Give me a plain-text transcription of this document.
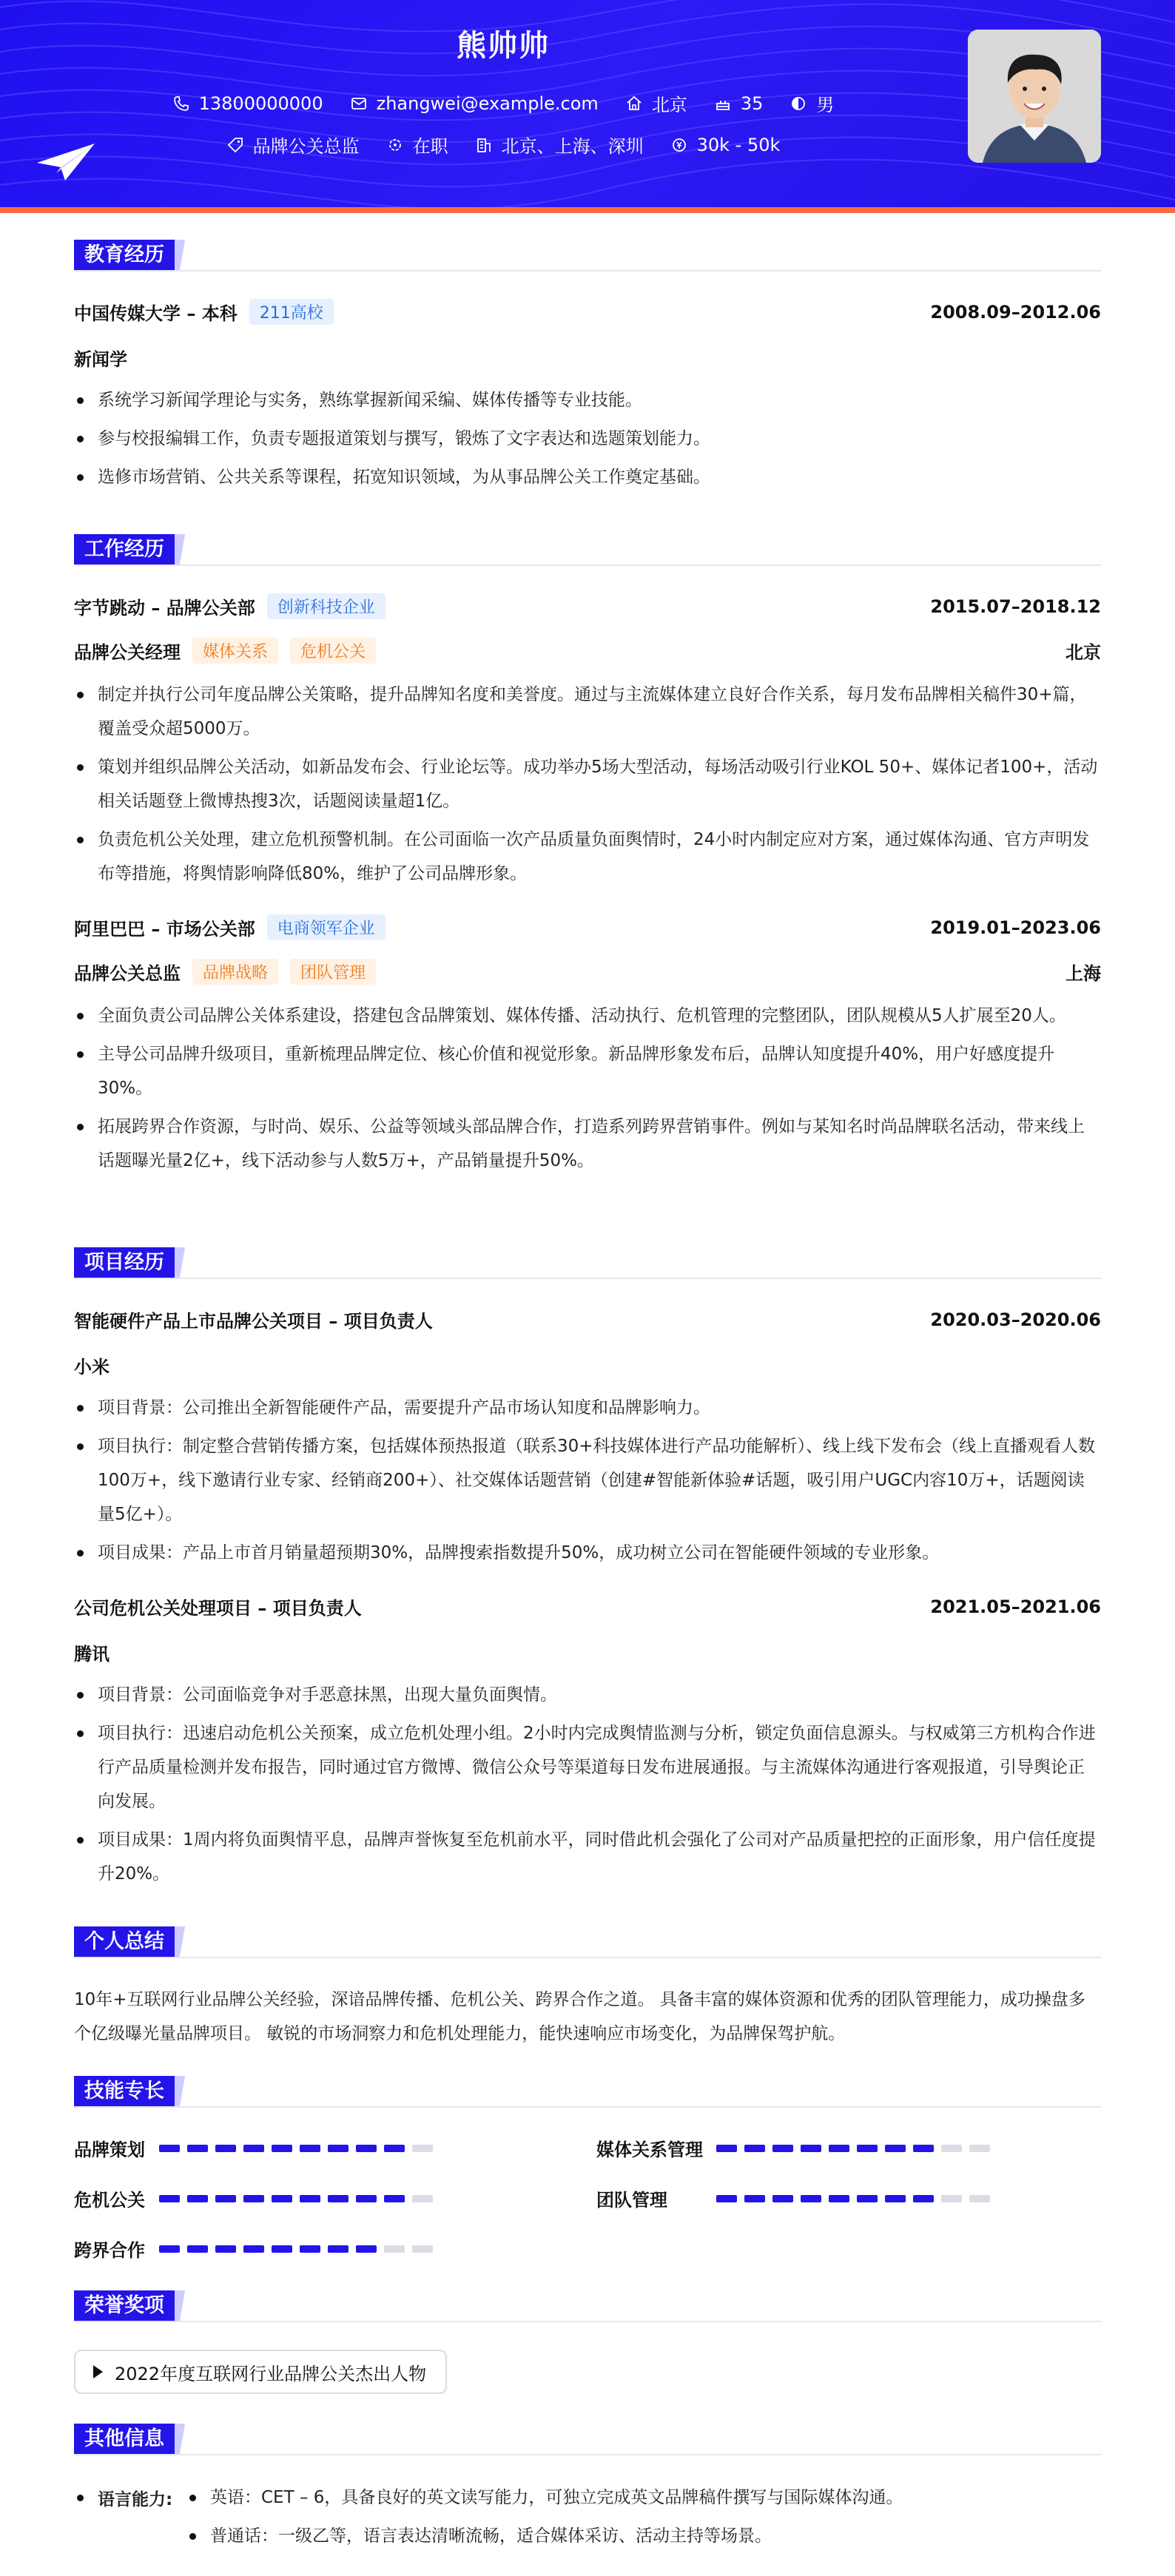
熊帅帅
13800000000	zhangwei@example.com	北京	35	男
品牌公关总监	在职	北京、上海、深圳	30k - 50k
教育经历
中国传媒大学 – 本科	211高校	2008.09–2012.06
新闻学
系统学习新闻学理论与实务，熟练掌握新闻采编、媒体传播等专业技能。
参与校报编辑工作，负责专题报道策划与撰写，锻炼了文字表达和选题策划能力。
选修市场营销、公共关系等课程，拓宽知识领域，为从事品牌公关工作奠定基础。
工作经历
字节跳动 – 品牌公关部	创新科技企业	2015.07–2018.12
品牌公关经理	媒体关系	危机公关	北京
制定并执行公司年度品牌公关策略，提升品牌知名度和美誉度。通过与主流媒体建立良好合作关系，每月发布品牌相关稿件30+篇，覆盖受众超5000万。
策划并组织品牌公关活动，如新品发布会、行业论坛等。成功举办5场大型活动，每场活动吸引行业KOL 50+、媒体记者100+，活动相关话题登上微博热搜3次，话题阅读量超1亿。
负责危机公关处理，建立危机预警机制。在公司面临一次产品质量负面舆情时，24小时内制定应对方案，通过媒体沟通、官方声明发布等措施，将舆情影响降低80%，维护了公司品牌形象。
阿里巴巴 – 市场公关部	电商领军企业	2019.01–2023.06
品牌公关总监	品牌战略	团队管理	上海
全面负责公司品牌公关体系建设，搭建包含品牌策划、媒体传播、活动执行、危机管理的完整团队，团队规模从5人扩展至20人。
主导公司品牌升级项目，重新梳理品牌定位、核心价值和视觉形象。新品牌形象发布后，品牌认知度提升40%，用户好感度提升30%。
拓展跨界合作资源，与时尚、娱乐、公益等领域头部品牌合作，打造系列跨界营销事件。例如与某知名时尚品牌联名活动，带来线上话题曝光量2亿+，线下活动参与人数5万+，产品销量提升50%。
项目经历
智能硬件产品上市品牌公关项目 – 项目负责人	2020.03–2020.06
小米
项目背景：公司推出全新智能硬件产品，需要提升产品市场认知度和品牌影响力。
项目执行：制定整合营销传播方案，包括媒体预热报道（联系30+科技媒体进行产品功能解析）、线上线下发布会（线上直播观看人数100万+，线下邀请行业专家、经销商200+）、社交媒体话题营销（创建#智能新体验#话题，吸引用户UGC内容10万+，话题阅读量5亿+）。
项目成果：产品上市首月销量超预期30%，品牌搜索指数提升50%，成功树立公司在智能硬件领域的专业形象。
公司危机公关处理项目 – 项目负责人	2021.05–2021.06
腾讯
项目背景：公司面临竞争对手恶意抹黑，出现大量负面舆情。
项目执行：迅速启动危机公关预案，成立危机处理小组。2小时内完成舆情监测与分析，锁定负面信息源头。与权威第三方机构合作进行产品质量检测并发布报告，同时通过官方微博、微信公众号等渠道每日发布进展通报。与主流媒体沟通进行客观报道，引导舆论正向发展。
项目成果：1周内将负面舆情平息，品牌声誉恢复至危机前水平，同时借此机会强化了公司对产品质量把控的正面形象，用户信任度提升20%。
个人总结
10年+互联网行业品牌公关经验，深谙品牌传播、危机公关、跨界合作之道。 具备丰富的媒体资源和优秀的团队管理能力，成功操盘多个亿级曝光量品牌项目。 敏锐的市场洞察力和危机处理能力，能快速响应市场变化，为品牌保驾护航。
技能专长
品牌策划	媒体关系管理
危机公关	团队管理
跨界合作
荣誉奖项
2022年度互联网行业品牌公关杰出人物
其他信息
语言能力:	英语：CET – 6，具备良好的英文读写能力，可独立完成英文品牌稿件撰写与国际媒体沟通。
普通话：一级乙等，语言表达清晰流畅，适合媒体采访、活动主持等场景。
